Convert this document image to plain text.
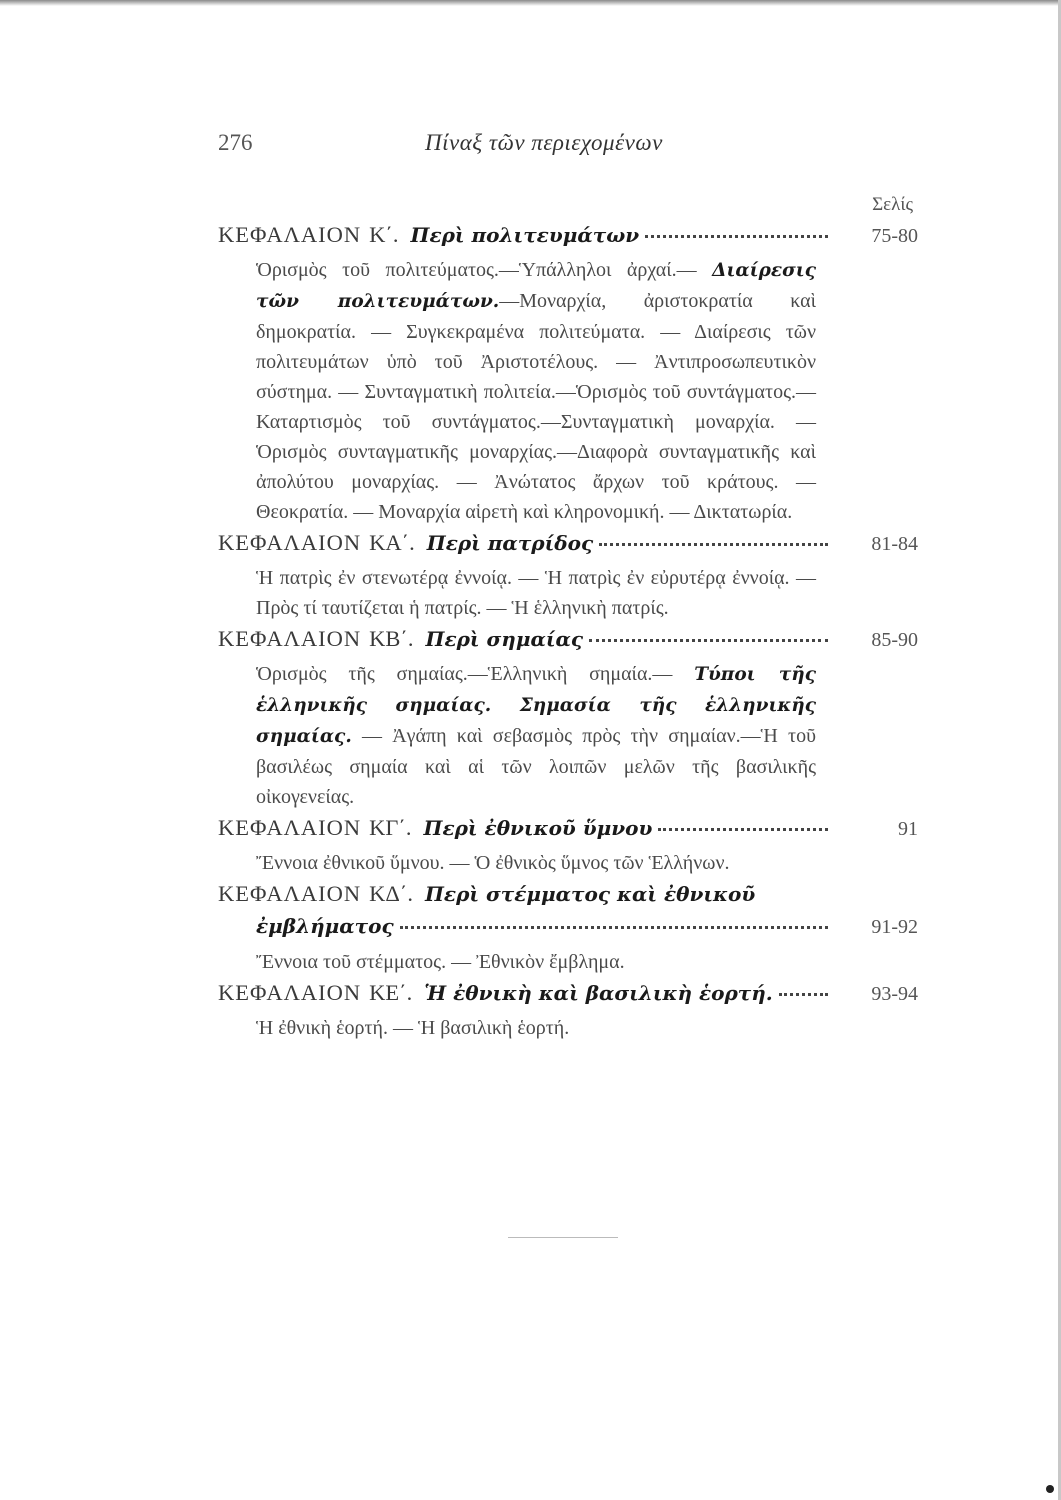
276	Πίναξ τῶν περιεχομένων
Σελίς
ΚΕΦΑΛΑΙΟΝ Κ΄. Περὶ πολιτευμάτων	75-80
Ὁρισμὸς τοῦ πολιτεύματος.—Ὑπάλληλοι ἀρχαί.— Διαίρεσις τῶν πολιτευμάτων.—Μοναρχία, ἀριστοκρατία καὶ δημοκρατία. — Συγκεκραμένα πολιτεύματα. — Διαίρεσις τῶν πολιτευμάτων ὑπὸ τοῦ Ἀριστοτέλους. — Ἀντιπροσωπευτικὸν σύστημα. — Συνταγματικὴ πολιτεία.—Ὁρισμὸς τοῦ συντάγματος.—Καταρτισμὸς τοῦ συντάγματος.—Συνταγματικὴ μοναρχία. — Ὁρισμὸς συνταγματικῆς μοναρχίας.—Διαφορὰ συνταγματικῆς καὶ ἀπολύτου μοναρχίας. — Ἀνώτατος ἄρχων τοῦ κράτους. — Θεοκρατία. — Μοναρχία αἱρετὴ καὶ κληρονομική. — Δικτατωρία.
ΚΕΦΑΛΑΙΟΝ ΚΑ΄. Περὶ πατρίδος	81-84
Ἡ πατρὶς ἐν στενωτέρᾳ ἐννοίᾳ. — Ἡ πατρὶς ἐν εὐρυτέρᾳ ἐννοίᾳ. — Πρὸς τί ταυτίζεται ἡ πατρίς. — Ἡ ἑλληνικὴ πατρίς.
ΚΕΦΑΛΑΙΟΝ ΚΒ΄. Περὶ σημαίας	85-90
Ὁρισμὸς τῆς σημαίας.—Ἑλληνικὴ σημαία.— Τύποι τῆς ἑλληνικῆς σημαίας. Σημασία τῆς ἑλληνικῆς σημαίας. — Ἀγάπη καὶ σεβασμὸς πρὸς τὴν σημαίαν.—Ἡ τοῦ βασιλέως σημαία καὶ αἱ τῶν λοιπῶν μελῶν τῆς βασιλικῆς οἰκογενείας.
ΚΕΦΑΛΑΙΟΝ ΚΓ΄. Περὶ ἐθνικοῦ ὕμνου	91
Ἔννοια ἐθνικοῦ ὕμνου. — Ὁ ἐθνικὸς ὕμνος τῶν Ἑλλήνων.
ΚΕΦΑΛΑΙΟΝ ΚΔ΄. Περὶ στέμματος καὶ ἐθνικοῦ
ἐμβλήματος	91-92
Ἔννοια τοῦ στέμματος. — Ἐθνικὸν ἔμβλημα.
ΚΕΦΑΛΑΙΟΝ ΚΕ΄. Ἡ ἐθνικὴ καὶ βασιλικὴ ἑορτή.	93-94
Ἡ ἐθνικὴ ἑορτή. — Ἡ βασιλικὴ ἑορτή.
